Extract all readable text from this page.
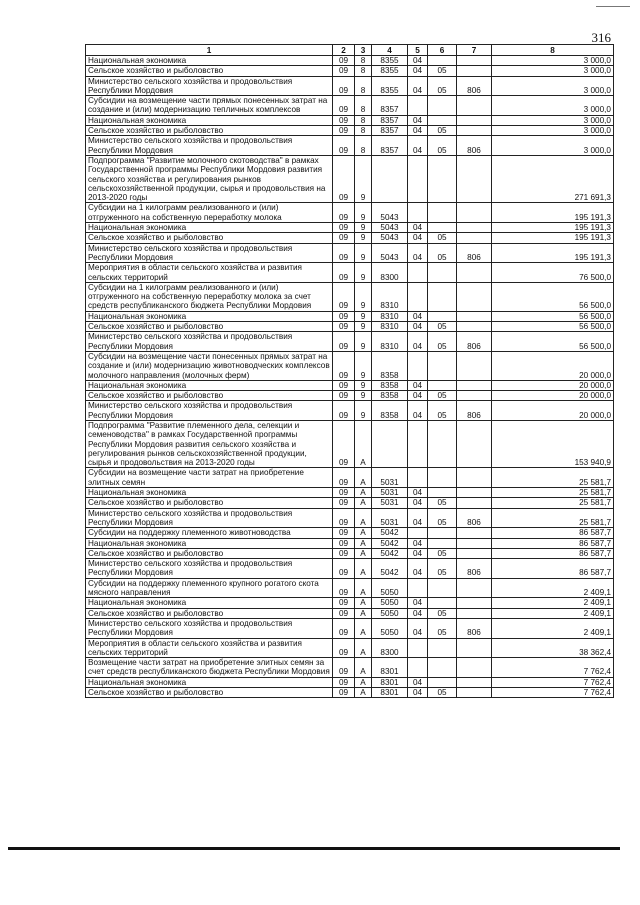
316
1	2	3	4	5	6	7	8
Национальная экономика	09	8	8355	04			3 000,0
Сельское хозяйство и рыболовство	09	8	8355	04	05		3 000,0
Министерство сельского хозяйства и продовольствия Республики Мордовия	09	8	8355	04	05	806	3 000,0
Субсидии на возмещение части прямых понесенных затрат на создание и (или) модернизацию тепличных комплексов	09	8	8357				3 000,0
Национальная экономика	09	8	8357	04			3 000,0
Сельское хозяйство и рыболовство	09	8	8357	04	05		3 000,0
Министерство сельского хозяйства и продовольствия Республики Мордовия	09	8	8357	04	05	806	3 000,0
Подпрограмма "Развитие молочного скотоводства" в рамках Государственной программы Республики Мордовия развития сельского хозяйства и регулирования рынков сельскохозяйственной продукции, сырья и продовольствия на 2013-2020 годы	09	9					271 691,3
Субсидии на 1 килограмм реализованного и (или) отгруженного на собственную переработку молока	09	9	5043				195 191,3
Национальная экономика	09	9	5043	04			195 191,3
Сельское хозяйство и рыболовство	09	9	5043	04	05		195 191,3
Министерство сельского хозяйства и продовольствия Республики Мордовия	09	9	5043	04	05	806	195 191,3
Мероприятия в области сельского хозяйства и развития сельских территорий	09	9	8300				76 500,0
Субсидии на 1 килограмм реализованного и (или) отгруженного на собственную переработку молока за счет средств республиканского бюджета Республики Мордовия	09	9	8310				56 500,0
Национальная экономика	09	9	8310	04			56 500,0
Сельское хозяйство и рыболовство	09	9	8310	04	05		56 500,0
Министерство сельского хозяйства и продовольствия Республики Мордовия	09	9	8310	04	05	806	56 500,0
Субсидии на возмещение части понесенных прямых затрат на создание и (или) модернизацию животноводческих комплексов молочного направления (молочных ферм)	09	9	8358				20 000,0
Национальная экономика	09	9	8358	04			20 000,0
Сельское хозяйство и рыболовство	09	9	8358	04	05		20 000,0
Министерство сельского хозяйства и продовольствия Республики Мордовия	09	9	8358	04	05	806	20 000,0
Подпрограмма "Развитие племенного дела, селекции и семеноводства" в рамках Государственной программы Республики Мордовия развития сельского хозяйства и регулирования рынков сельскохозяйственной продукции, сырья и продовольствия на 2013-2020 годы	09	А					153 940,9
Субсидии на возмещение части затрат на приобретение элитных семян	09	А	5031				25 581,7
Национальная экономика	09	А	5031	04			25 581,7
Сельское хозяйство и рыболовство	09	А	5031	04	05		25 581,7
Министерство сельского хозяйства и продовольствия Республики Мордовия	09	А	5031	04	05	806	25 581,7
Субсидии на поддержку племенного животноводства	09	А	5042				86 587,7
Национальная экономика	09	А	5042	04			86 587,7
Сельское хозяйство и рыболовство	09	А	5042	04	05		86 587,7
Министерство сельского хозяйства и продовольствия Республики Мордовия	09	А	5042	04	05	806	86 587,7
Субсидии на поддержку племенного крупного рогатого скота мясного направления	09	А	5050				2 409,1
Национальная экономика	09	А	5050	04			2 409,1
Сельское хозяйство и рыболовство	09	А	5050	04	05		2 409,1
Министерство сельского хозяйства и продовольствия Республики Мордовия	09	А	5050	04	05	806	2 409,1
Мероприятия в области сельского хозяйства и развития сельских территорий	09	А	8300				38 362,4
Возмещение части затрат на приобретение элитных семян за счет средств республиканского бюджета Республики Мордовия	09	А	8301				7 762,4
Национальная экономика	09	А	8301	04			7 762,4
Сельское хозяйство и рыболовство	09	А	8301	04	05		7 762,4
